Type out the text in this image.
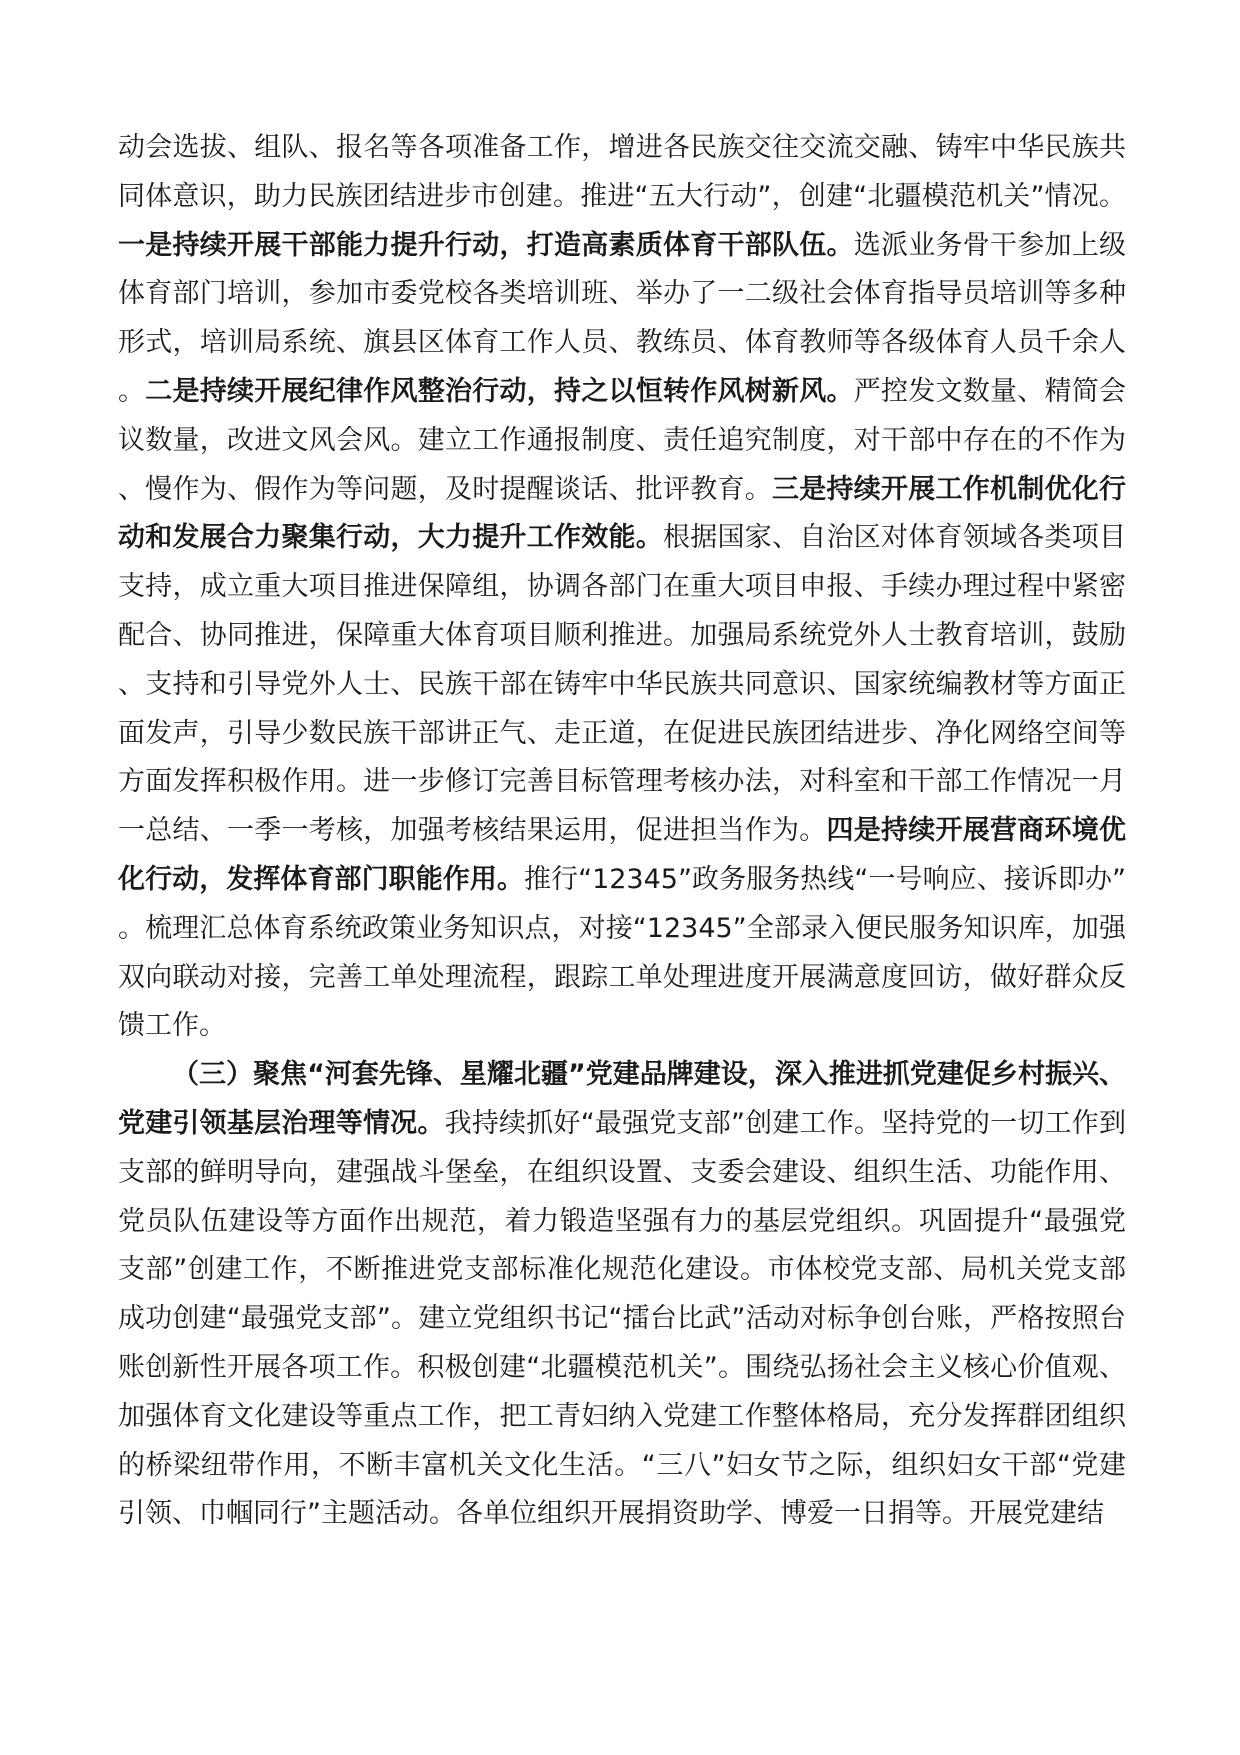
动会选拔、组队、报名等各项准备工作，增进各民族交往交流交融、铸牢中华民族共同体意识，助力民族团结进步市创建。推进“五大行动”，创建“北疆模范机关”情况。一是持续开展干部能力提升行动，打造高素质体育干部队伍。选派业务骨干参加上级体育部门培训，参加市委党校各类培训班、举办了一二级社会体育指导员培训等多种形式，培训局系统、旗县区体育工作人员、教练员、体育教师等各级体育人员千余人。二是持续开展纪律作风整治行动，持之以恒转作风树新风。严控发文数量、精简会议数量，改进文风会风。建立工作通报制度、责任追究制度，对干部中存在的不作为、慢作为、假作为等问题，及时提醒谈话、批评教育。三是持续开展工作机制优化行动和发展合力聚集行动，大力提升工作效能。根据国家、自治区对体育领域各类项目支持，成立重大项目推进保障组，协调各部门在重大项目申报、手续办理过程中紧密配合、协同推进，保障重大体育项目顺利推进。加强局系统党外人士教育培训，鼓励、支持和引导党外人士、民族干部在铸牢中华民族共同意识、国家统编教材等方面正面发声，引导少数民族干部讲正气、走正道，在促进民族团结进步、净化网络空间等方面发挥积极作用。进一步修订完善目标管理考核办法，对科室和干部工作情况一月一总结、一季一考核，加强考核结果运用，促进担当作为。四是持续开展营商环境优化行动，发挥体育部门职能作用。推行“12345”政务服务热线“一号响应、接诉即办”。梳理汇总体育系统政策业务知识点，对接“12345”全部录入便民服务知识库，加强双向联动对接，完善工单处理流程，跟踪工单处理进度开展满意度回访，做好群众反馈工作。

（三）聚焦“河套先锋、星耀北疆”党建品牌建设，深入推进抓党建促乡村振兴、党建引领基层治理等情况。我持续抓好“最强党支部”创建工作。坚持党的一切工作到支部的鲜明导向，建强战斗堡垒，在组织设置、支委会建设、组织生活、功能作用、党员队伍建设等方面作出规范，着力锻造坚强有力的基层党组织。巩固提升“最强党支部”创建工作，不断推进党支部标准化规范化建设。市体校党支部、局机关党支部成功创建“最强党支部”。建立党组织书记“擂台比武”活动对标争创台账，严格按照台账创新性开展各项工作。积极创建“北疆模范机关”。围绕弘扬社会主义核心价值观、加强体育文化建设等重点工作，把工青妇纳入党建工作整体格局，充分发挥群团组织的桥梁纽带作用，不断丰富机关文化生活。“三八”妇女节之际，组织妇女干部“党建引领、巾帼同行”主题活动。各单位组织开展捐资助学、博爱一日捐等。开展党建结
